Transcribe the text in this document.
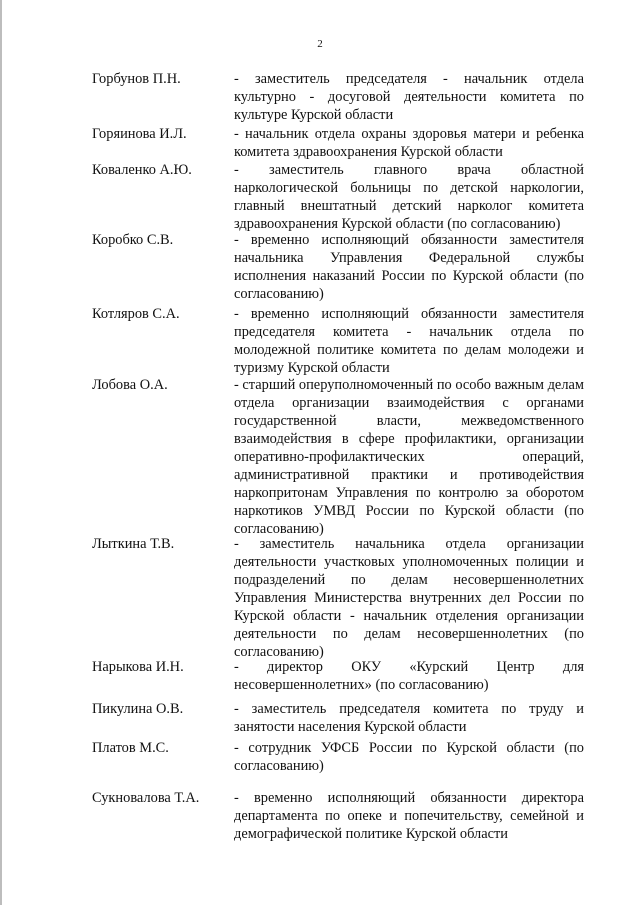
2
Горбунов П.Н.	- заместитель председателя - начальник отдела культурно - досуговой деятельности комитета по культуре Курской области
Горяинова И.Л.	- начальник отдела охраны здоровья матери и ребенка комитета здравоохранения Курской области
Коваленко А.Ю.	- заместитель главного врача областной наркологической больницы по детской наркологии, главный внештатный детский нарколог комитета здравоохранения Курской области (по согласованию)
Коробко С.В.	- временно исполняющий обязанности заместителя начальника Управления Федеральной службы исполнения наказаний России по Курской области (по согласованию)
Котляров С.А.	- временно исполняющий обязанности заместителя председателя комитета - начальник отдела по молодежной политике комитета по делам молодежи и туризму Курской области
Лобова О.А.	- старший оперуполномоченный по особо важным делам отдела организации взаимодействия с органами государственной власти, межведомственного взаимодействия в сфере профилактики, организации оперативно-профилактических операций, административной практики и противодействия наркопритонам Управления по контролю за оборотом наркотиков УМВД России по Курской области (по согласованию)
Лыткина Т.В.	- заместитель начальника отдела организации деятельности участковых уполномоченных полиции и подразделений по делам несовершеннолетних Управления Министерства внутренних дел России по Курской области - начальник отделения организации деятельности по делам несовершеннолетних (по согласованию)
Нарыкова И.Н.	- директор ОКУ «Курский Центр для несовершеннолетних» (по согласованию)
Пикулина О.В.	- заместитель председателя комитета по труду и занятости населения Курской области
Платов М.С.	- сотрудник УФСБ России по Курской области (по согласованию)
Сукновалова Т.А.	- временно исполняющий обязанности директора департамента по опеке и попечительству, семейной и демографической политике Курской области
